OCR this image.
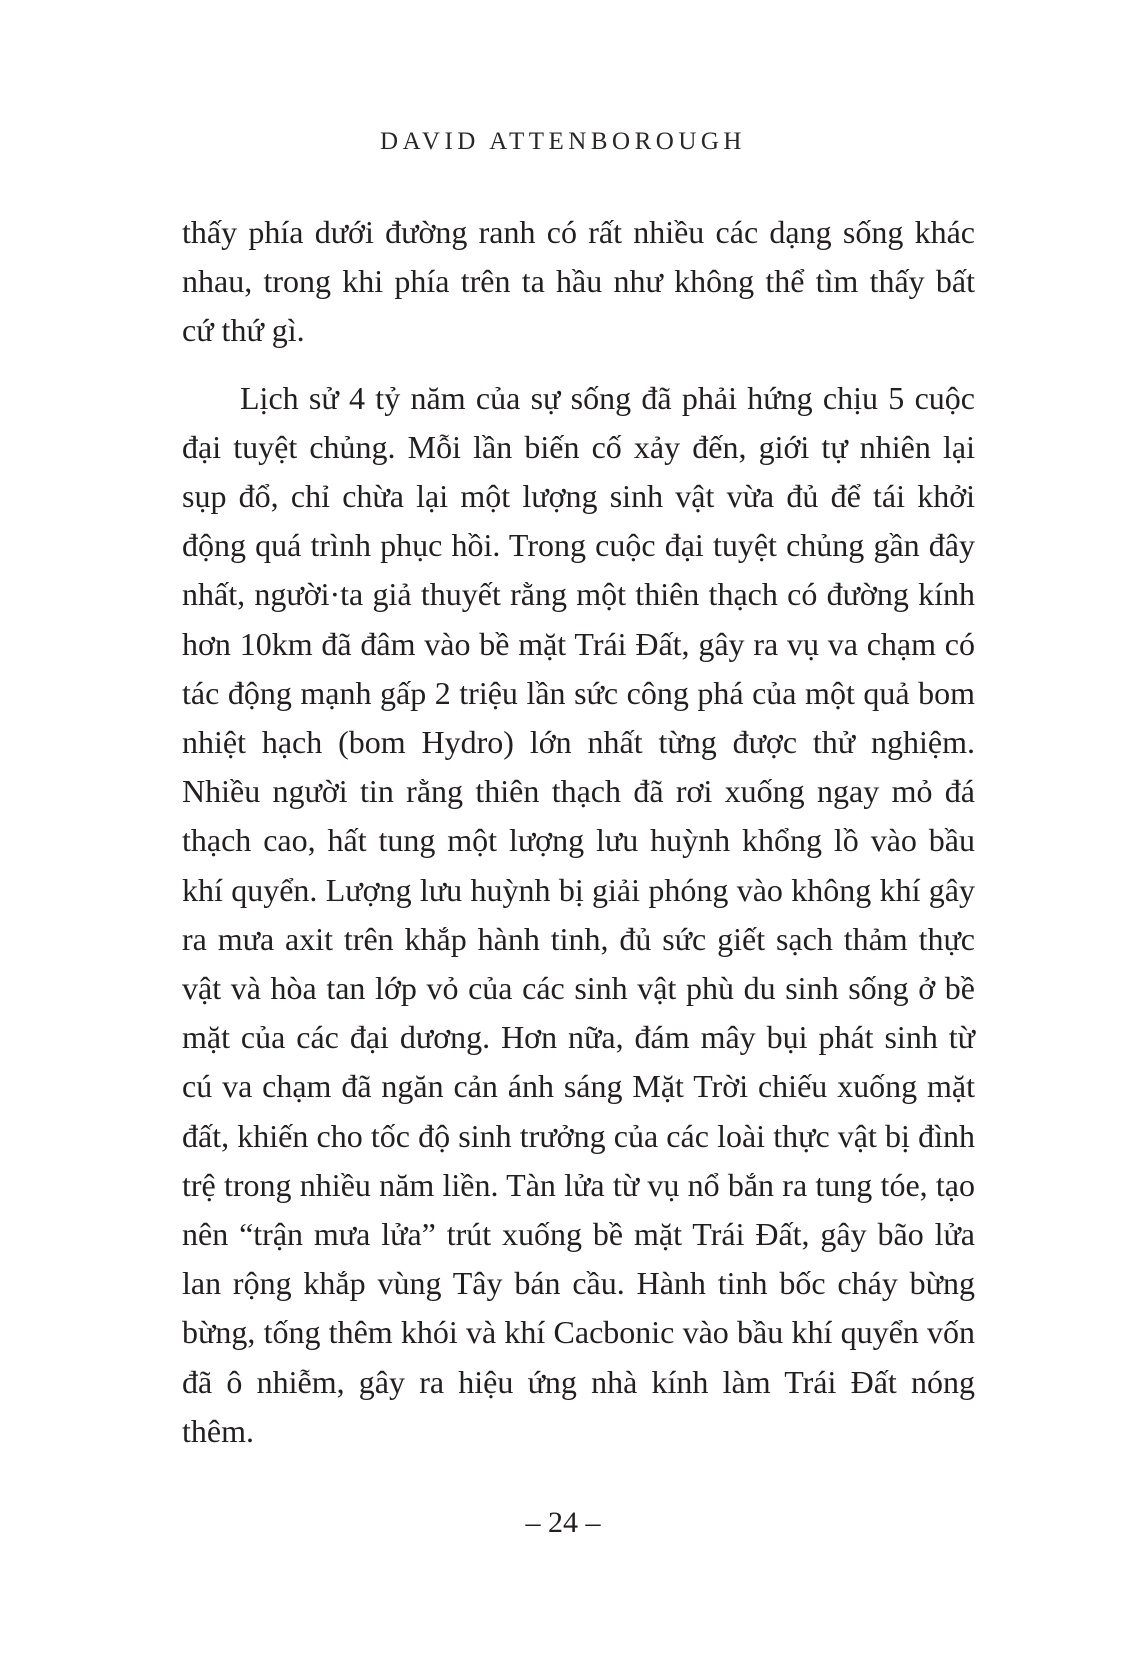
DAVID ATTENBOROUGH

thấy phía dưới đường ranh có rất nhiều các dạng sống khác nhau, trong khi phía trên ta hầu như không thể tìm thấy bất cứ thứ gì.

Lịch sử 4 tỷ năm của sự sống đã phải hứng chịu 5 cuộc đại tuyệt chủng. Mỗi lần biến cố xảy đến, giới tự nhiên lại sụp đổ, chỉ chừa lại một lượng sinh vật vừa đủ để tái khởi động quá trình phục hồi. Trong cuộc đại tuyệt chủng gần đây nhất, người·ta giả thuyết rằng một thiên thạch có đường kính hơn 10km đã đâm vào bề mặt Trái Đất, gây ra vụ va chạm có tác động mạnh gấp 2 triệu lần sức công phá của một quả bom nhiệt hạch (bom Hydro) lớn nhất từng được thử nghiệm. Nhiều người tin rằng thiên thạch đã rơi xuống ngay mỏ đá thạch cao, hất tung một lượng lưu huỳnh khổng lồ vào bầu khí quyển. Lượng lưu huỳnh bị giải phóng vào không khí gây ra mưa axit trên khắp hành tinh, đủ sức giết sạch thảm thực vật và hòa tan lớp vỏ của các sinh vật phù du sinh sống ở bề mặt của các đại dương. Hơn nữa, đám mây bụi phát sinh từ cú va chạm đã ngăn cản ánh sáng Mặt Trời chiếu xuống mặt đất, khiến cho tốc độ sinh trưởng của các loài thực vật bị đình trệ trong nhiều năm liền. Tàn lửa từ vụ nổ bắn ra tung tóe, tạo nên “trận mưa lửa” trút xuống bề mặt Trái Đất, gây bão lửa lan rộng khắp vùng Tây bán cầu. Hành tinh bốc cháy bừng bừng, tống thêm khói và khí Cacbonic vào bầu khí quyển vốn đã ô nhiễm, gây ra hiệu ứng nhà kính làm Trái Đất nóng thêm.

– 24 –
